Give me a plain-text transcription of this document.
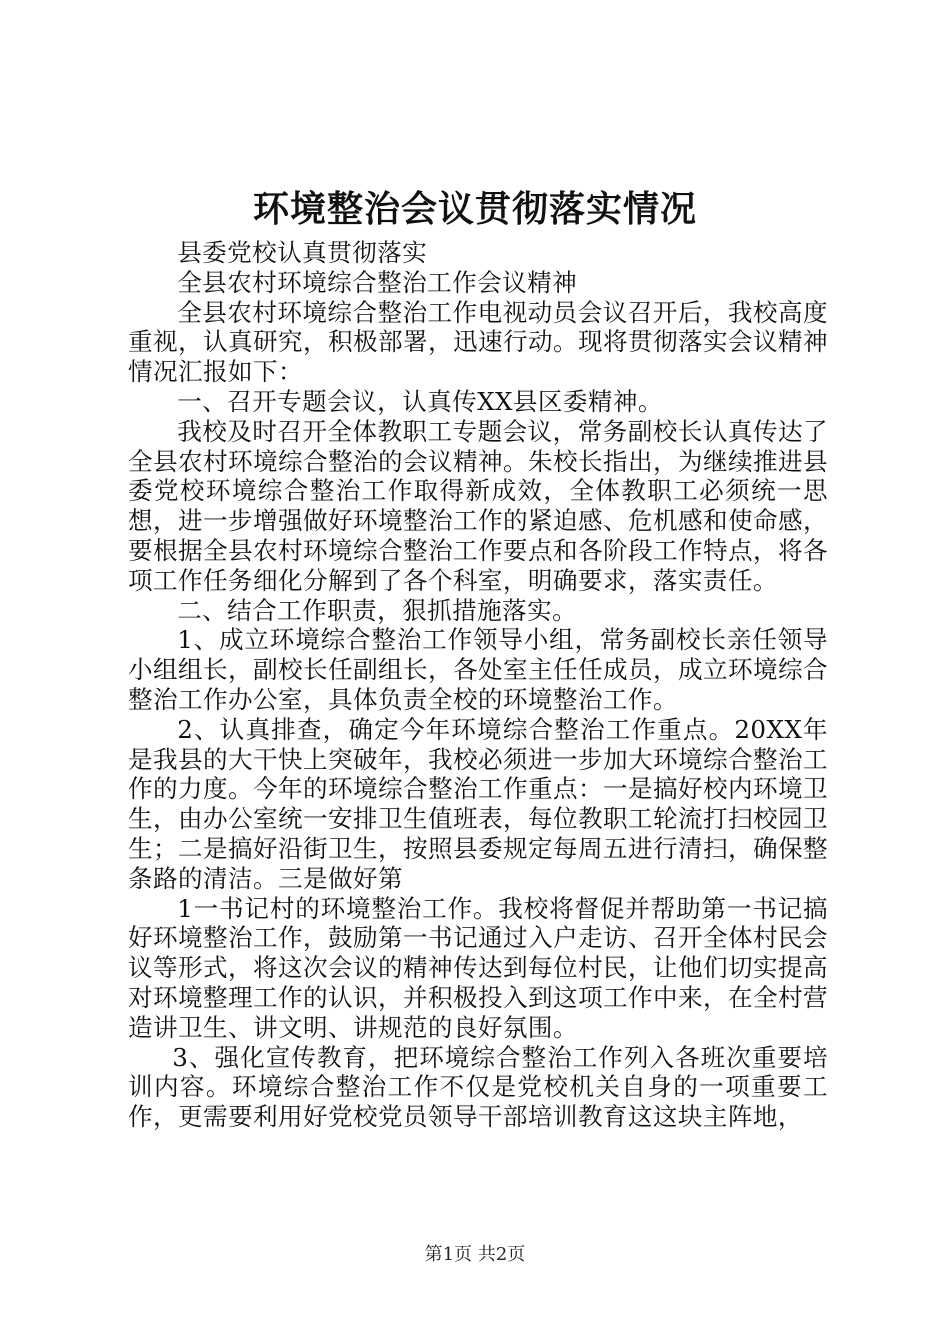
环境整治会议贯彻落实情况

县委党校认真贯彻落实

全县农村环境综合整治工作会议精神

全县农村环境综合整治工作电视动员会议召开后，我校高度重视，认真研究，积极部署，迅速行动。现将贯彻落实会议精神情况汇报如下：

一、召开专题会议，认真传XX县区委精神。

我校及时召开全体教职工专题会议，常务副校长认真传达了全县农村环境综合整治的会议精神。朱校长指出，为继续推进县委党校环境综合整治工作取得新成效，全体教职工必须统一思想，进一步增强做好环境整治工作的紧迫感、危机感和使命感，要根据全县农村环境综合整治工作要点和各阶段工作特点，将各项工作任务细化分解到了各个科室，明确要求，落实责任。

二、结合工作职责，狠抓措施落实。

1、成立环境综合整治工作领导小组，常务副校长亲任领导小组组长，副校长任副组长，各处室主任任成员，成立环境综合整治工作办公室，具体负责全校的环境整治工作。

2、认真排查，确定今年环境综合整治工作重点。20XX年是我县的大干快上突破年，我校必须进一步加大环境综合整治工作的力度。今年的环境综合整治工作重点：一是搞好校内环境卫生，由办公室统一安排卫生值班表，每位教职工轮流打扫校园卫生；二是搞好沿街卫生，按照县委规定每周五进行清扫，确保整条路的清洁。三是做好第

1一书记村的环境整治工作。我校将督促并帮助第一书记搞好环境整治工作，鼓励第一书记通过入户走访、召开全体村民会议等形式，将这次会议的精神传达到每位村民，让他们切实提高对环境整理工作的认识，并积极投入到这项工作中来，在全村营造讲卫生、讲文明、讲规范的良好氛围。

3、强化宣传教育，把环境综合整治工作列入各班次重要培训内容。环境综合整治工作不仅是党校机关自身的一项重要工作，更需要利用好党校党员领导干部培训教育这这块主阵地，

第1页 共2页
